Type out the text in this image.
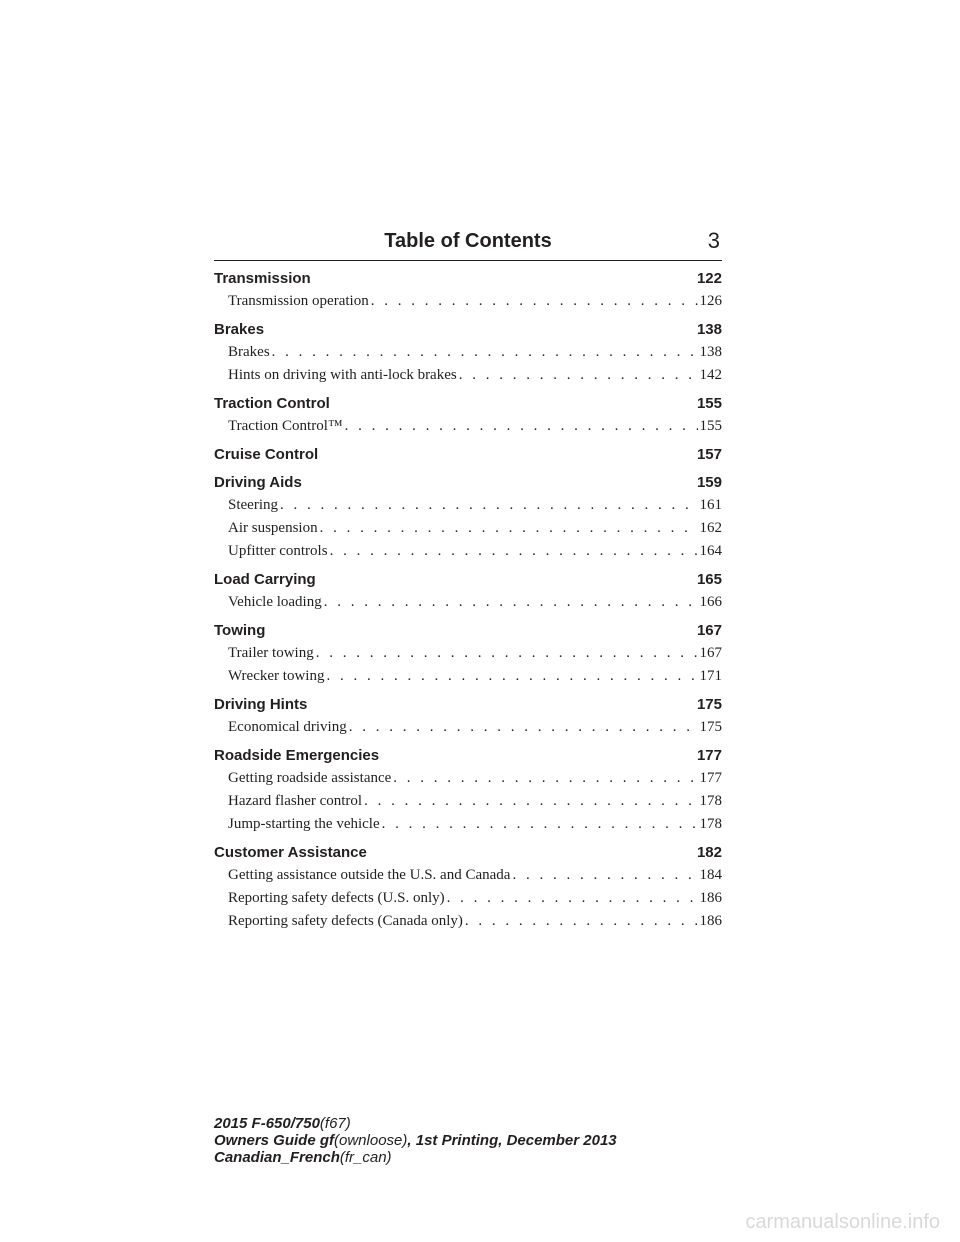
Table of Contents	3
Transmission	122
Transmission operation . . .	126
Brakes	138
Brakes . . .	138
Hints on driving with anti-lock brakes . . .	142
Traction Control	155
Traction Control™ . . .	155
Cruise Control	157
Driving Aids	159
Steering . . .	161
Air suspension . . .	162
Upfitter controls . . .	164
Load Carrying	165
Vehicle loading . . .	166
Towing	167
Trailer towing . . .	167
Wrecker towing . . .	171
Driving Hints	175
Economical driving . . .	175
Roadside Emergencies	177
Getting roadside assistance . . .	177
Hazard flasher control . . .	178
Jump-starting the vehicle . . .	178
Customer Assistance	182
Getting assistance outside the U.S. and Canada . . .	184
Reporting safety defects (U.S. only) . . .	186
Reporting safety defects (Canada only) . . .	186
2015 F-650/750(f67)
Owners Guide gf(ownloose), 1st Printing, December 2013
Canadian_French(fr_can)
carmanualsonline.info
